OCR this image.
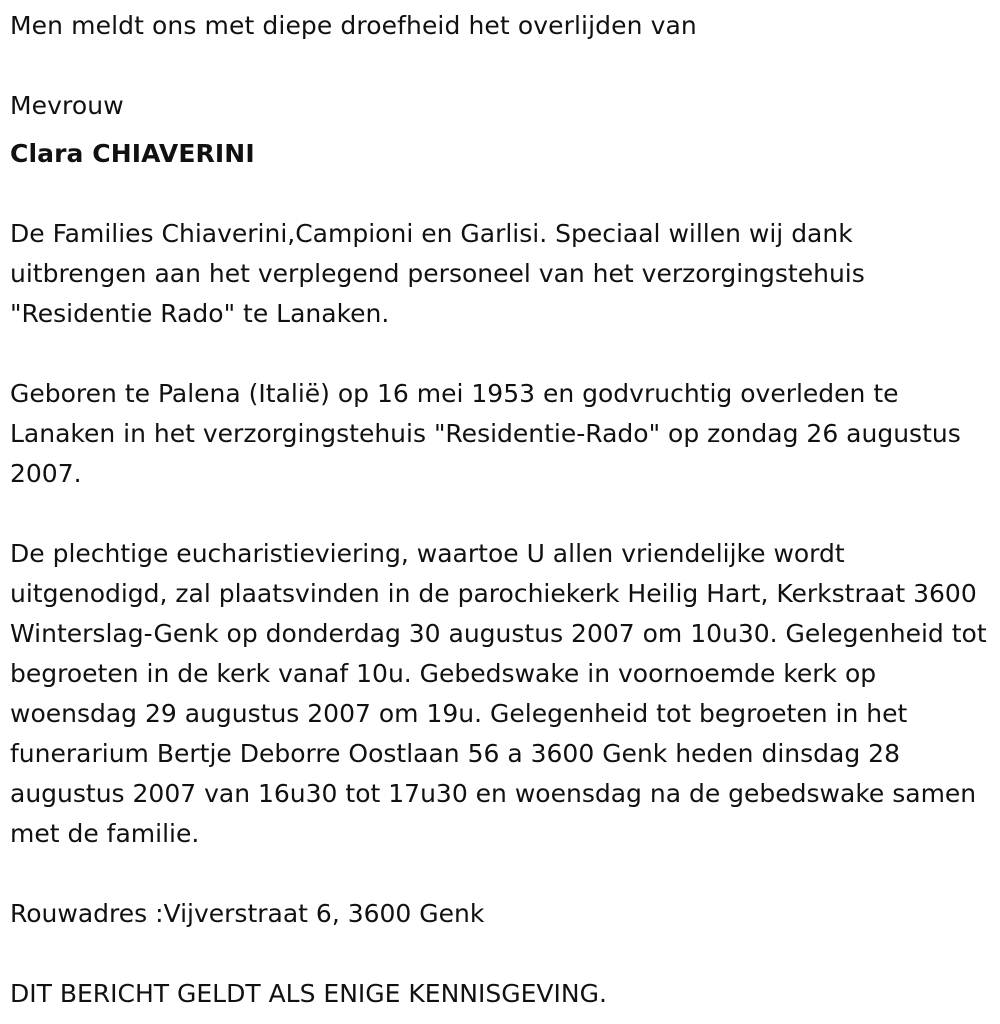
Men meldt ons met diepe droefheid het overlijden van

Mevrouw

Clara CHIAVERINI

De Families Chiaverini,Campioni en Garlisi. Speciaal willen wij dank uitbrengen aan het verplegend personeel van het verzorgingstehuis "Residentie Rado" te Lanaken.

Geboren te Palena (Italië) op 16 mei 1953 en godvruchtig overleden te Lanaken in het verzorgingstehuis "Residentie-Rado" op zondag 26 augustus 2007.

De plechtige eucharistieviering, waartoe U allen vriendelijke wordt uitgenodigd, zal plaatsvinden in de parochiekerk Heilig Hart, Kerkstraat 3600 Winterslag-Genk op donderdag 30 augustus 2007 om 10u30. Gelegenheid tot begroeten in de kerk vanaf 10u. Gebedswake in voornoemde kerk op woensdag 29 augustus 2007 om 19u. Gelegenheid tot begroeten in het funerarium Bertje Deborre Oostlaan 56 a 3600 Genk heden dinsdag 28 augustus 2007 van 16u30 tot 17u30 en woensdag na de gebedswake samen met de familie.

Rouwadres :Vijverstraat 6, 3600 Genk

DIT BERICHT GELDT ALS ENIGE KENNISGEVING.
